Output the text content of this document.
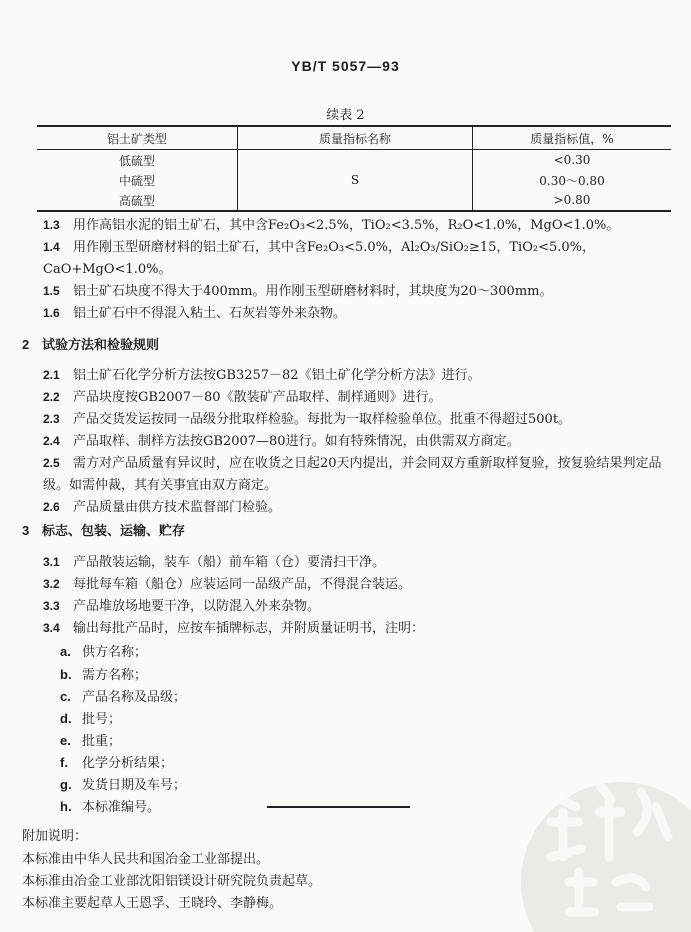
YB/T 5057—93
续表 2
铝土矿类型	质量指标名称	质量指标值，%
低硫型		<0.30
中硫型	S	0.30～0.80
高硫型		>0.80
1.3 用作高铝水泥的铝土矿石，其中含Fe₂O₃<2.5%，TiO₂<3.5%，R₂O<1.0%，MgO<1.0%。
1.4 用作刚玉型研磨材料的铝土矿石，其中含Fe₂O₃<5.0%，Al₂O₃/SiO₂≥15，TiO₂<5.0%，CaO+MgO<1.0%。
1.5 铝土矿石块度不得大于400mm。用作刚玉型研磨材料时，其块度为20～300mm。
1.6 铝土矿石中不得混入粘土、石灰岩等外来杂物。
2 试验方法和检验规则
2.1 铝土矿石化学分析方法按GB3257－82《铝土矿化学分析方法》进行。
2.2 产品块度按GB2007－80《散装矿产品取样、制样通则》进行。
2.3 产品交货发运按同一品级分批取样检验。每批为一取样检验单位。批重不得超过500t。
2.4 产品取样、制样方法按GB2007—80进行。如有特殊情况，由供需双方商定。
2.5 需方对产品质量有异议时，应在收货之日起20天内提出，并会同双方重新取样复验，按复验结果判定品级。如需仲裁，其有关事宜由双方商定。
2.6 产品质量由供方技术监督部门检验。
3 标志、包装、运输、贮存
3.1 产品散装运输，装车（船）前车箱（仓）要清扫干净。
3.2 每批每车箱（船仓）应装运同一品级产品，不得混合装运。
3.3 产品堆放场地要干净，以防混入外来杂物。
3.4 输出每批产品时，应按车插牌标志，并附质量证明书，注明：
a. 供方名称；
b. 需方名称；
c. 产品名称及品级；
d. 批号；
e. 批重；
f. 化学分析结果；
g. 发货日期及车号；
h. 本标准编号。
附加说明：
本标准由中华人民共和国冶金工业部提出。
本标准由冶金工业部沈阳铝镁设计研究院负责起草。
本标准主要起草人王恩孚、王晓玲、李静梅。
